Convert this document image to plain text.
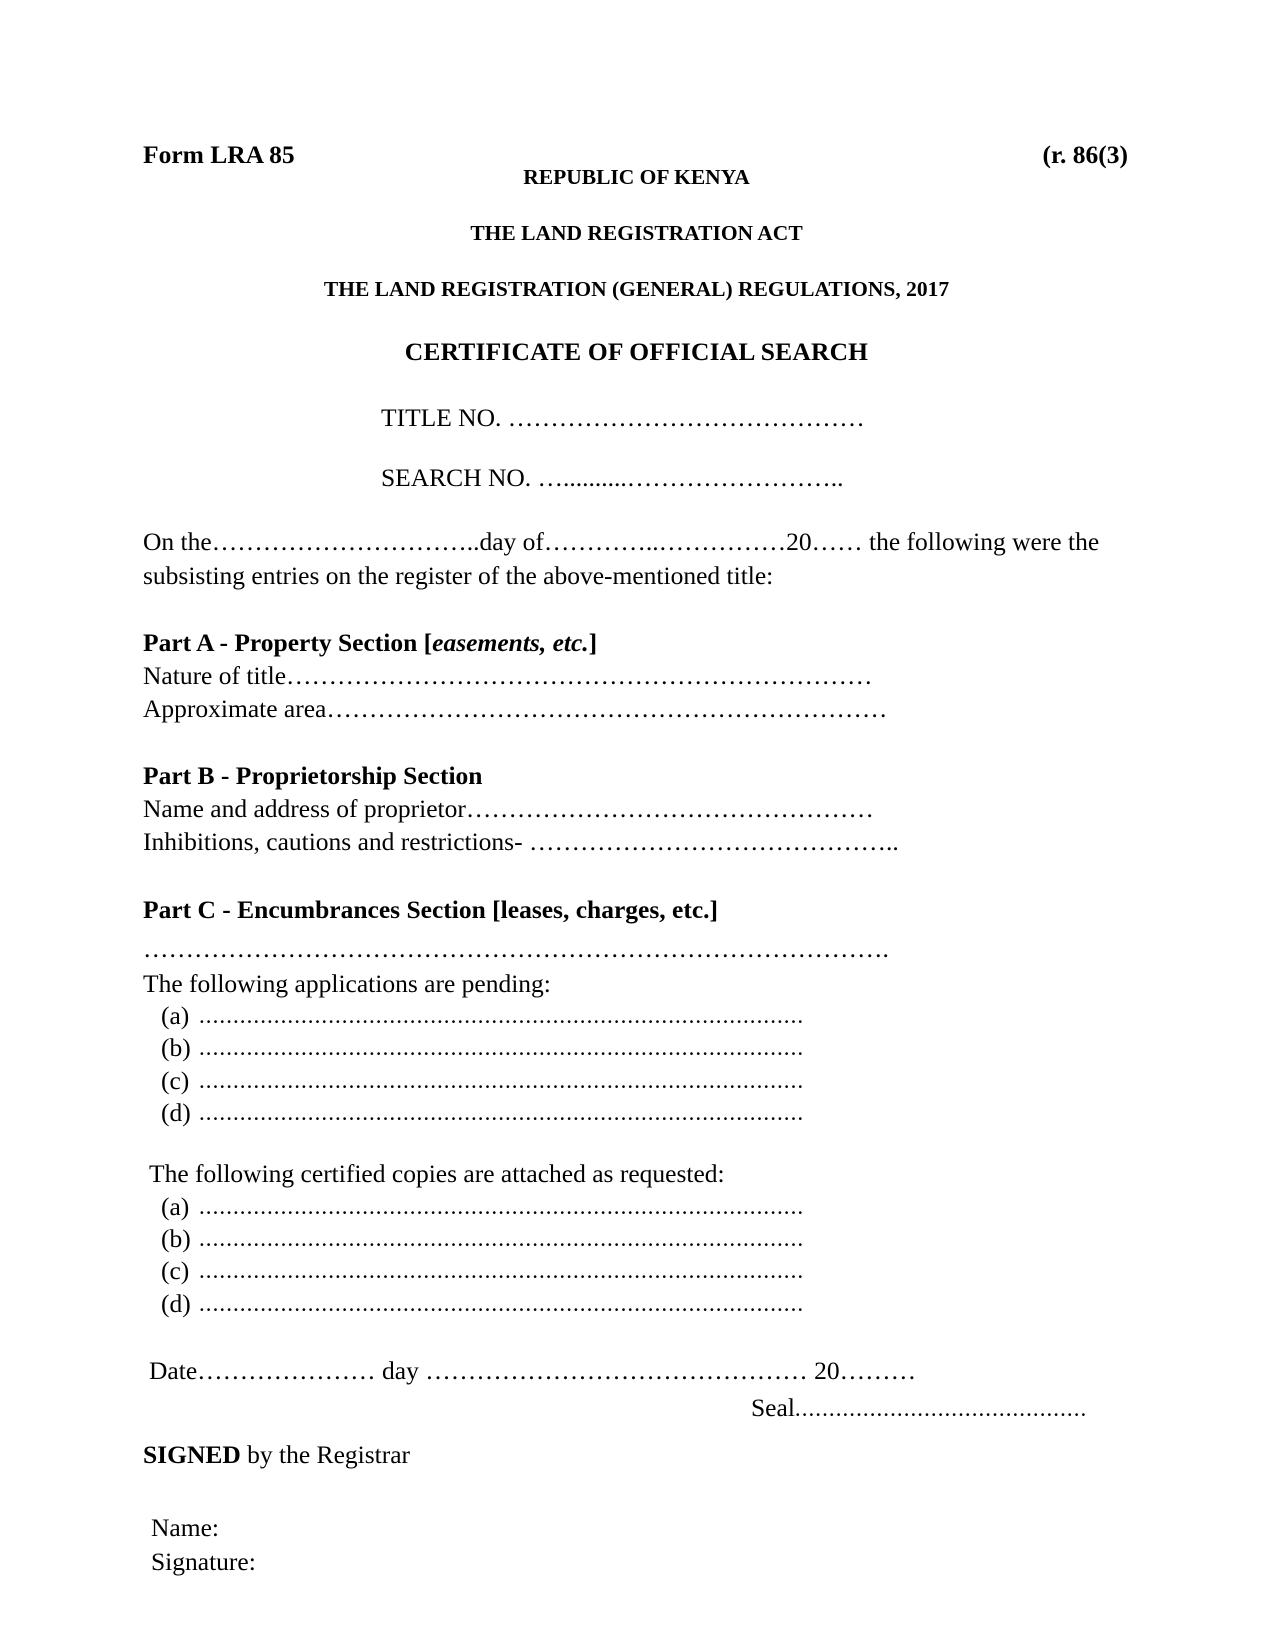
Form LRA 85	(r. 86(3)

REPUBLIC OF KENYA

THE LAND REGISTRATION ACT

THE LAND REGISTRATION (GENERAL) REGULATIONS, 2017

CERTIFICATE OF OFFICIAL SEARCH

TITLE NO. ……………………………………

SEARCH NO. …..........……………………..

On the…………………………..day of…………..……………20…… the following were the subsisting entries on the register of the above-mentioned title:

Part A - Property Section [easements, etc.]

Nature of title……………………………………………………………

Approximate area…………………………………………………………

Part B - Proprietorship Section

Name and address of proprietor…………………………………………

Inhibitions, cautions and restrictions- ……………………………………..

Part C - Encumbrances Section [leases, charges, etc.]

…………………………………………………………………………….

The following applications are pending:

(a) .........................................................................................
(b) .........................................................................................
(c) .........................................................................................
(d) .........................................................................................

The following certified copies are attached as requested:

(a) .........................................................................................
(b) .........................................................................................
(c) .........................................................................................
(d) .........................................................................................

Date………………… day ……………………………………… 20………

Seal...........................................

SIGNED by the Registrar

Name:

Signature:
